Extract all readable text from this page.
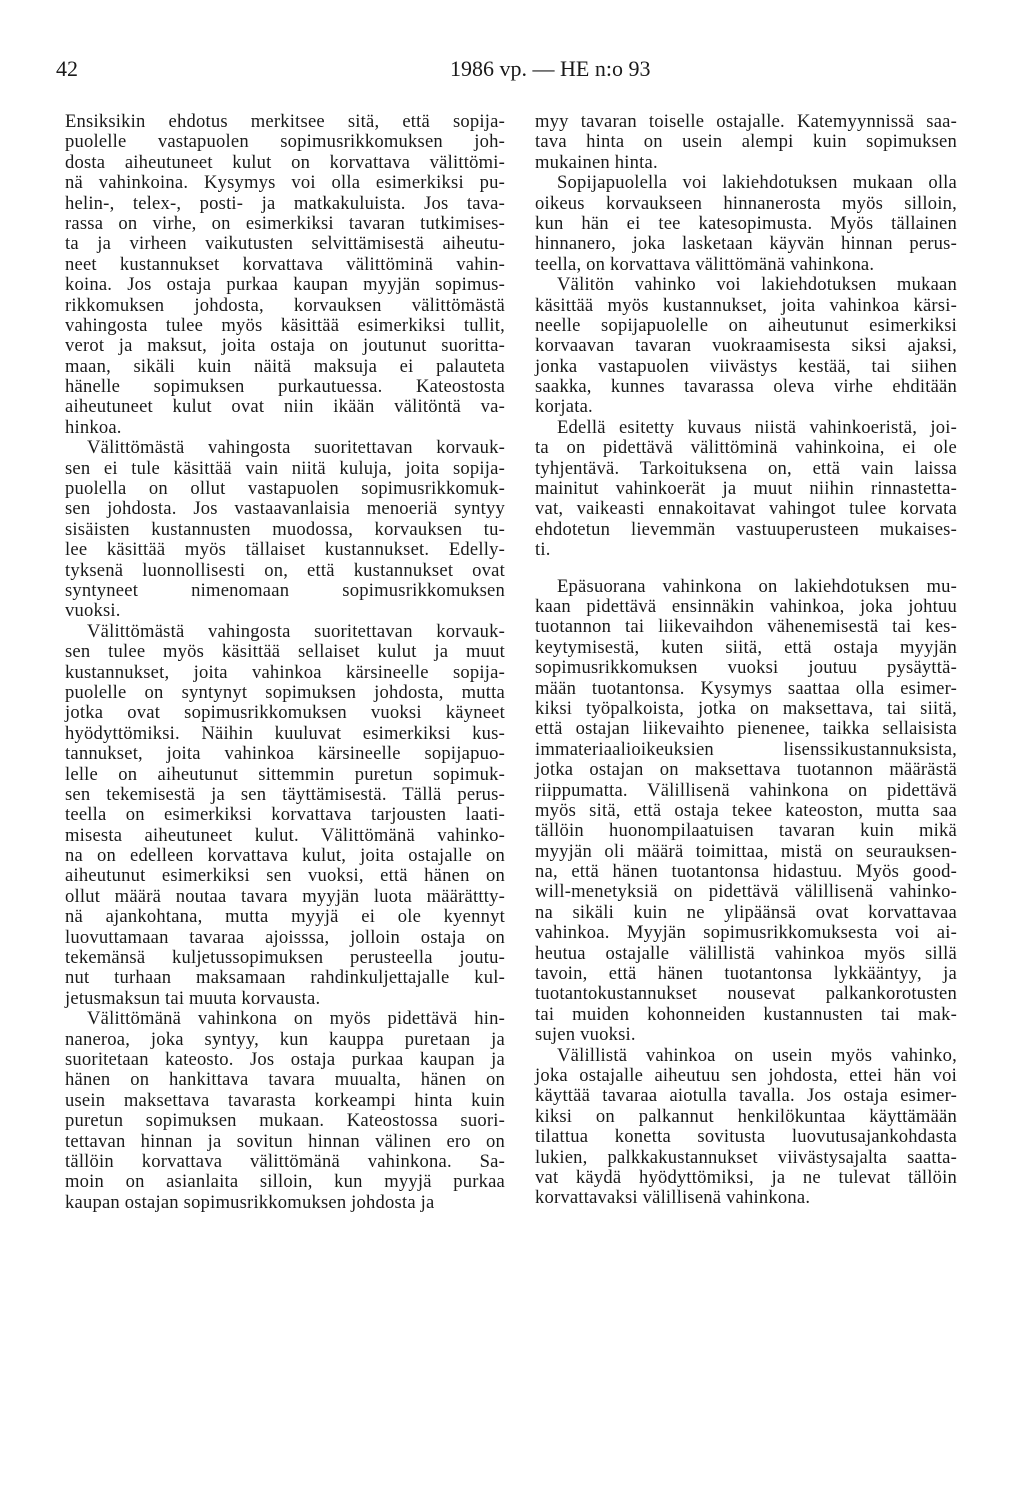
42	1986 vp. — HE n:o 93
Ensiksikin ehdotus merkitsee sitä, että sopija-
puolelle vastapuolen sopimusrikkomuksen joh-
dosta aiheutuneet kulut on korvattava välittömi-
nä vahinkoina. Kysymys voi olla esimerkiksi pu-
helin-, telex-, posti- ja matkakuluista. Jos tava-
rassa on virhe, on esimerkiksi tavaran tutkimises-
ta ja virheen vaikutusten selvittämisestä aiheutu-
neet kustannukset korvattava välittöminä vahin-
koina. Jos ostaja purkaa kaupan myyjän sopimus-
rikkomuksen johdosta, korvauksen välittömästä
vahingosta tulee myös käsittää esimerkiksi tullit,
verot ja maksut, joita ostaja on joutunut suoritta-
maan, sikäli kuin näitä maksuja ei palauteta
hänelle sopimuksen purkautuessa. Kateostosta
aiheutuneet kulut ovat niin ikään välitöntä va-
hinkoa.
Välittömästä vahingosta suoritettavan korvauk-
sen ei tule käsittää vain niitä kuluja, joita sopija-
puolella on ollut vastapuolen sopimusrikkomuk-
sen johdosta. Jos vastaavanlaisia menoeriä syntyy
sisäisten kustannusten muodossa, korvauksen tu-
lee käsittää myös tällaiset kustannukset. Edelly-
tyksenä luonnollisesti on, että kustannukset ovat
syntyneet nimenomaan sopimusrikkomuksen
vuoksi.
Välittömästä vahingosta suoritettavan korvauk-
sen tulee myös käsittää sellaiset kulut ja muut
kustannukset, joita vahinkoa kärsineelle sopija-
puolelle on syntynyt sopimuksen johdosta, mutta
jotka ovat sopimusrikkomuksen vuoksi käyneet
hyödyttömiksi. Näihin kuuluvat esimerkiksi kus-
tannukset, joita vahinkoa kärsineelle sopijapuo-
lelle on aiheutunut sittemmin puretun sopimuk-
sen tekemisestä ja sen täyttämisestä. Tällä perus-
teella on esimerkiksi korvattava tarjousten laati-
misesta aiheutuneet kulut. Välittömänä vahinko-
na on edelleen korvattava kulut, joita ostajalle on
aiheutunut esimerkiksi sen vuoksi, että hänen on
ollut määrä noutaa tavara myyjän luota määrättty-
nä ajankohtana, mutta myyjä ei ole kyennyt
luovuttamaan tavaraa ajoisssa, jolloin ostaja on
tekemänsä kuljetussopimuksen perusteella joutu-
nut turhaan maksamaan rahdinkuljettajalle kul-
jetusmaksun tai muuta korvausta.
Välittömänä vahinkona on myös pidettävä hin-
naneroa, joka syntyy, kun kauppa puretaan ja
suoritetaan kateosto. Jos ostaja purkaa kaupan ja
hänen on hankittava tavara muualta, hänen on
usein maksettava tavarasta korkeampi hinta kuin
puretun sopimuksen mukaan. Kateostossa suori-
tettavan hinnan ja sovitun hinnan välinen ero on
tällöin korvattava välittömänä vahinkona. Sa-
moin on asianlaita silloin, kun myyjä purkaa
kaupan ostajan sopimusrikkomuksen johdosta ja
myy tavaran toiselle ostajalle. Katemyynnissä saa-
tava hinta on usein alempi kuin sopimuksen
mukainen hinta.
Sopijapuolella voi lakiehdotuksen mukaan olla
oikeus korvaukseen hinnanerosta myös silloin,
kun hän ei tee katesopimusta. Myös tällainen
hinnanero, joka lasketaan käyvän hinnan perus-
teella, on korvattava välittömänä vahinkona.
Välitön vahinko voi lakiehdotuksen mukaan
käsittää myös kustannukset, joita vahinkoa kärsi-
neelle sopijapuolelle on aiheutunut esimerkiksi
korvaavan tavaran vuokraamisesta siksi ajaksi,
jonka vastapuolen viivästys kestää, tai siihen
saakka, kunnes tavarassa oleva virhe ehditään
korjata.
Edellä esitetty kuvaus niistä vahinkoeristä, joi-
ta on pidettävä välittöminä vahinkoina, ei ole
tyhjentävä. Tarkoituksena on, että vain laissa
mainitut vahinkoerät ja muut niihin rinnastetta-
vat, vaikeasti ennakoitavat vahingot tulee korvata
ehdotetun lievemmän vastuuperusteen mukaises-
ti.
Epäsuorana vahinkona on lakiehdotuksen mu-
kaan pidettävä ensinnäkin vahinkoa, joka johtuu
tuotannon tai liikevaihdon vähenemisestä tai kes-
keytymisestä, kuten siitä, että ostaja myyjän
sopimusrikkomuksen vuoksi joutuu pysäyttä-
mään tuotantonsa. Kysymys saattaa olla esimer-
kiksi työpalkoista, jotka on maksettava, tai siitä,
että ostajan liikevaihto pienenee, taikka sellaisista
immateriaalioikeuksien lisenssikustannuksista,
jotka ostajan on maksettava tuotannon määrästä
riippumatta. Välillisenä vahinkona on pidettävä
myös sitä, että ostaja tekee kateoston, mutta saa
tällöin huonompilaatuisen tavaran kuin mikä
myyjän oli määrä toimittaa, mistä on seurauksen-
na, että hänen tuotantonsa hidastuu. Myös good-
will-menetyksiä on pidettävä välillisenä vahinko-
na sikäli kuin ne ylipäänsä ovat korvattavaa
vahinkoa. Myyjän sopimusrikkomuksesta voi ai-
heutua ostajalle välillistä vahinkoa myös sillä
tavoin, että hänen tuotantonsa lykkääntyy, ja
tuotantokustannukset nousevat palkankorotusten
tai muiden kohonneiden kustannusten tai mak-
sujen vuoksi.
Välillistä vahinkoa on usein myös vahinko,
joka ostajalle aiheutuu sen johdosta, ettei hän voi
käyttää tavaraa aiotulla tavalla. Jos ostaja esimer-
kiksi on palkannut henkilökuntaa käyttämään
tilattua konetta sovitusta luovutusajankohdasta
lukien, palkkakustannukset viivästysajalta saatta-
vat käydä hyödyttömiksi, ja ne tulevat tällöin
korvattavaksi välillisenä vahinkona.
